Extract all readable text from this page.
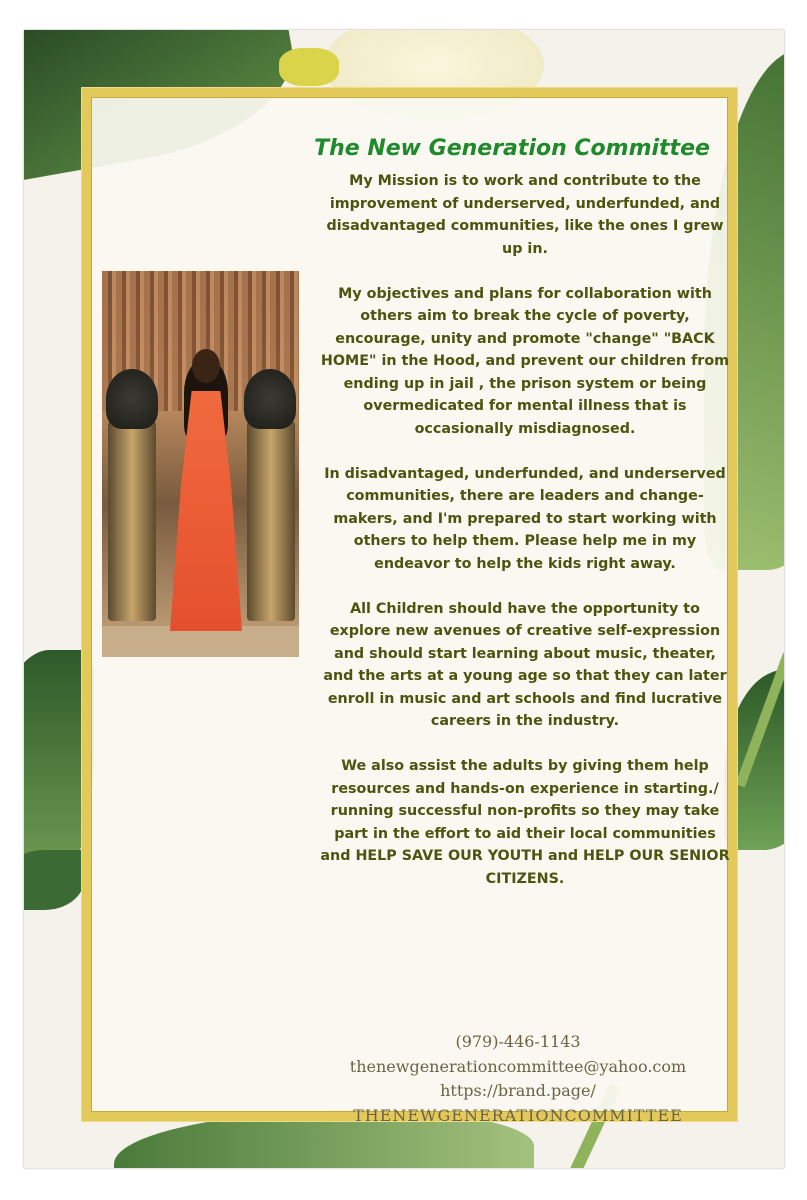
The New Generation Committee

My Mission is to work and contribute to the improvement of underserved, underfunded, and disadvantaged communities, like the ones I grew up in.

My objectives and plans for collaboration with others aim to break the cycle of poverty, encourage, unity and promote "change" "BACK HOME" in the Hood, and prevent our children from ending up in jail , the prison system or being overmedicated for mental illness that is occasionally misdiagnosed.

In disadvantaged, underfunded, and underserved communities, there are leaders and change-makers, and I'm prepared to start working with others to help them. Please help me in my endeavor to help the kids right away.

All Children should have the opportunity to explore new avenues of creative self-expression and should start learning about music, theater, and the arts at a young age so that they can later enroll in music and art schools and find lucrative careers in the industry.

We also assist the adults by giving them help resources and hands-on experience in starting./ running successful non-profits so they may take part in the effort to aid their local communities and HELP SAVE OUR YOUTH and HELP OUR SENIOR CITIZENS.

(979)-446-1143
thenewgenerationcommittee@yahoo.com
https://brand.page/
THENEWGENERATIONCOMMITTEE
